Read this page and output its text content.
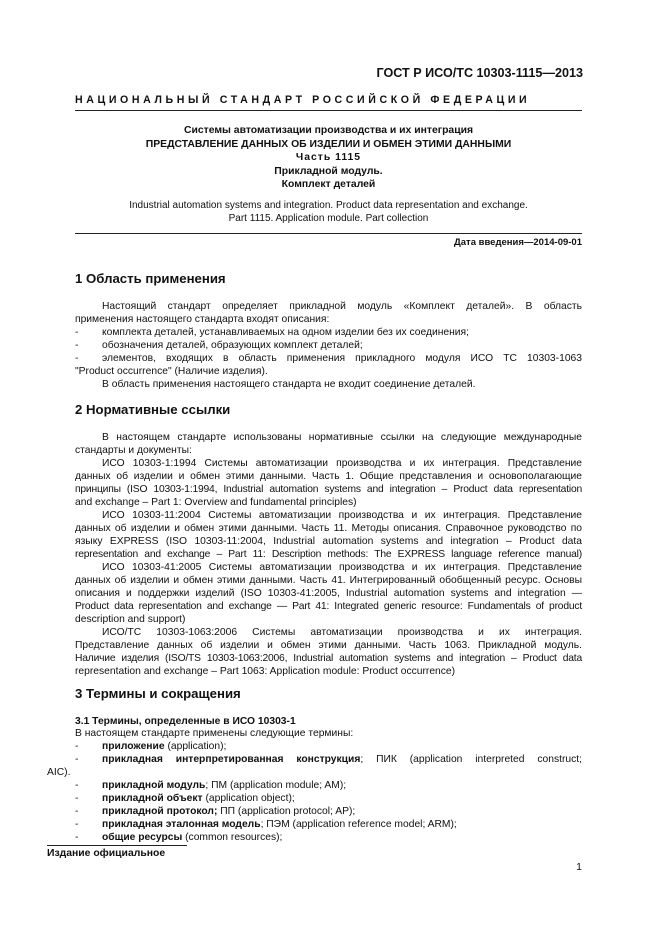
ГОСТ Р ИСО/ТС 10303-1115—2013
НАЦИОНАЛЬНЫЙ СТАНДАРТ РОССИЙСКОЙ ФЕДЕРАЦИИ
Системы автоматизации производства и их интеграция
ПРЕДСТАВЛЕНИЕ ДАННЫХ ОБ ИЗДЕЛИИ И ОБМЕН ЭТИМИ ДАННЫМИ
Часть 1115
Прикладной модуль.
Комплект деталей
Industrial automation systems and integration. Product data representation and exchange.
Part 1115. Application module. Part collection
Дата введения—2014-09-01
1 Область применения
Настоящий стандарт определяет прикладной модуль «Комплект деталей». В область
применения настоящего стандарта входят описания:
- комплекта деталей, устанавливаемых на одном изделии без их соединения;
- обозначения деталей, образующих комплект деталей;
- элементов, входящих в область применения прикладного модуля ИСО ТС 10303-1063
"Product occurrence" (Наличие изделия).
В область применения настоящего стандарта не входит соединение деталей.
2 Нормативные ссылки
В настоящем стандарте использованы нормативные ссылки на следующие международные
стандарты и документы:
ИСО 10303-1:1994 Системы автоматизации производства и их интеграция. Представление
данных об изделии и обмен этими данными. Часть 1. Общие представления и основополагающие
принципы (ISO 10303-1:1994, Industrial automation systems and integration – Product data representation
and exchange – Part 1: Overview and fundamental principles)
ИСО 10303-11:2004 Системы автоматизации производства и их интеграция. Представление
данных об изделии и обмен этими данными. Часть 11. Методы описания. Справочное руководство по
языку EXPRESS (ISO 10303-11:2004, Industrial automation systems and integration – Product data
representation and exchange – Part 11: Description methods: The EXPRESS language reference manual)
ИСО 10303-41:2005 Системы автоматизации производства и их интеграция. Представление
данных об изделии и обмен этими данными. Часть 41. Интегрированный обобщенный ресурс. Основы
описания и поддержки изделий (ISO 10303-41:2005, Industrial automation systems and integration —
Product data representation and exchange — Part 41: Integrated generic resource: Fundamentals of product
description and support)
ИСО/ТС 10303-1063:2006 Системы автоматизации производства и их интеграция.
Представление данных об изделии и обмен этими данными. Часть 1063. Прикладной модуль.
Наличие изделия (ISO/TS 10303-1063:2006, Industrial automation systems and integration – Product data
representation and exchange – Part 1063: Application module: Product occurrence)
3 Термины и сокращения
3.1 Термины, определенные в ИСО 10303-1
В настоящем стандарте применены следующие термины:
- приложение (application);
- прикладная интерпретированная конструкция; ПИК (application interpreted construct;
AIC).
- прикладной модуль; ПМ (application module; AM);
- прикладной объект (application object);
- прикладной протокол; ПП (application protocol; AP);
- прикладная эталонная модель; ПЭМ (application reference model; ARM);
- общие ресурсы (common resources);
Издание официальное
1
